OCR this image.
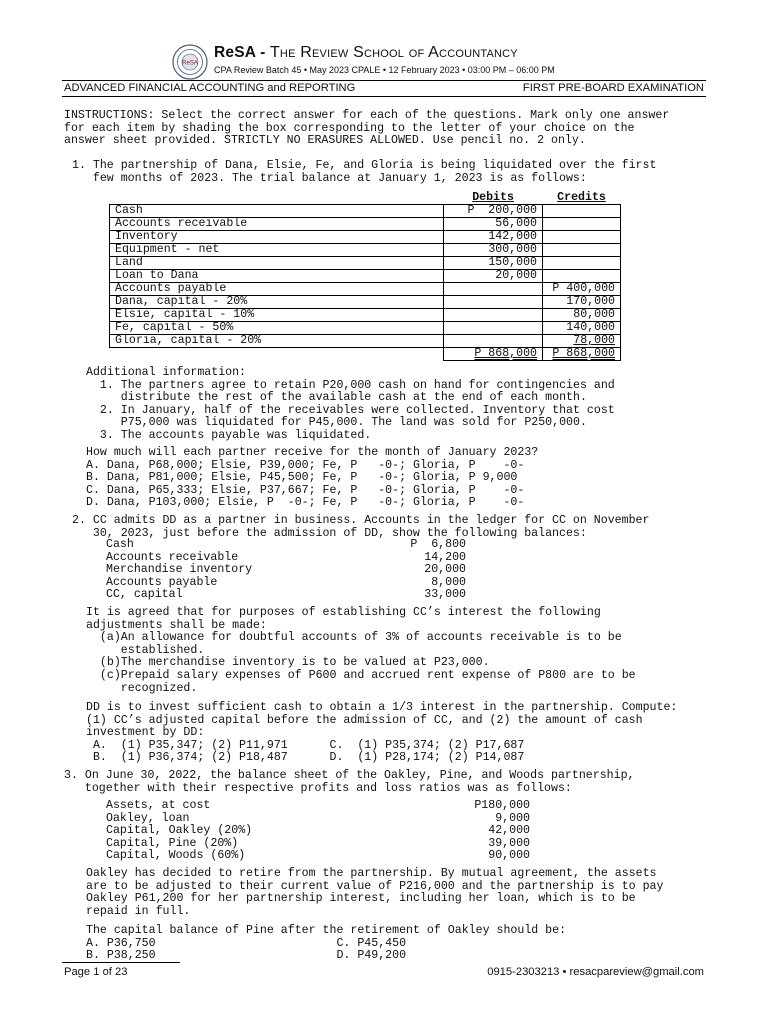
ReSA
ReSA - The Review School of Accountancy
CPA Review Batch 45 • May 2023 CPALE • 12 February 2023 • 03:00 PM – 06:00 PM
ADVANCED FINANCIAL ACCOUNTING and REPORTING	FIRST PRE-BOARD EXAMINATION
INSTRUCTIONS: Select the correct answer for each of the questions. Mark only one answer
for each item by shading the box corresponding to the letter of your choice on the
answer sheet provided. STRICTLY NO ERASURES ALLOWED. Use pencil no. 2 only.
1. The partnership of Dana, Elsie, Fe, and Gloria is being liquidated over the first
few months of 2023. The trial balance at January 1, 2023 is as follows:
	Debits	Credits
Cash	P  200,000	
Accounts receivable	56,000	
Inventory	142,000	
Equipment - net	300,000	
Land	150,000	
Loan to Dana	20,000	
Accounts payable		P 400,000
Dana, capital - 20%		170,000
Elsie, capital - 10%		80,000
Fe, capital - 50%		140,000
Gloria, capital - 20%		78,000
	P 868,000	P 868,000
Additional information:
1. The partners agree to retain P20,000 cash on hand for contingencies and
distribute the rest of the available cash at the end of each month.
2. In January, half of the receivables were collected. Inventory that cost
P75,000 was liquidated for P45,000. The land was sold for P250,000.
3. The accounts payable was liquidated.
How much will each partner receive for the month of January 2023?
A. Dana, P68,000; Elsie, P39,000; Fe, P   -0-; Gloria, P    -0-
B. Dana, P81,000; Elsie, P45,500; Fe, P   -0-; Gloria, P 9,000
C. Dana, P65,333; Elsie, P37,667; Fe, P   -0-; Gloria, P    -0-
D. Dana, P103,000; Elsie, P  -0-; Fe, P   -0-; Gloria, P    -0-
2. CC admits DD as a partner in business. Accounts in the ledger for CC on November
30, 2023, just before the admission of DD, show the following balances:
Cash	P  6,800
Accounts receivable	14,200
Merchandise inventory	20,000
Accounts payable	8,000
CC, capital	33,000
It is agreed that for purposes of establishing CC’s interest the following
adjustments shall be made:
(a)An allowance for doubtful accounts of 3% of accounts receivable is to be
established.
(b)The merchandise inventory is to be valued at P23,000.
(c)Prepaid salary expenses of P600 and accrued rent expense of P800 are to be
recognized.
DD is to invest sufficient cash to obtain a 1/3 interest in the partnership. Compute:
(1) CC’s adjusted capital before the admission of CC, and (2) the amount of cash
investment by DD:
A.  (1) P35,347; (2) P11,971      C.  (1) P35,374; (2) P17,687
B.  (1) P36,374; (2) P18,487      D.  (1) P28,174; (2) P14,087
3. On June 30, 2022, the balance sheet of the Oakley, Pine, and Woods partnership,
together with their respective profits and loss ratios was as follows:
Assets, at cost	P180,000
Oakley, loan	9,000
Capital, Oakley (20%)	42,000
Capital, Pine (20%)	39,000
Capital, Woods (60%)	90,000
Oakley has decided to retire from the partnership. By mutual agreement, the assets
are to be adjusted to their current value of P216,000 and the partnership is to pay
Oakley P61,200 for her partnership interest, including her loan, which is to be
repaid in full.
The capital balance of Pine after the retirement of Oakley should be:
A. P36,750                          C. P45,450
B. P38,250                          D. P49,200
Page 1 of 23	0915-2303213 • resacpareview@gmail.com
